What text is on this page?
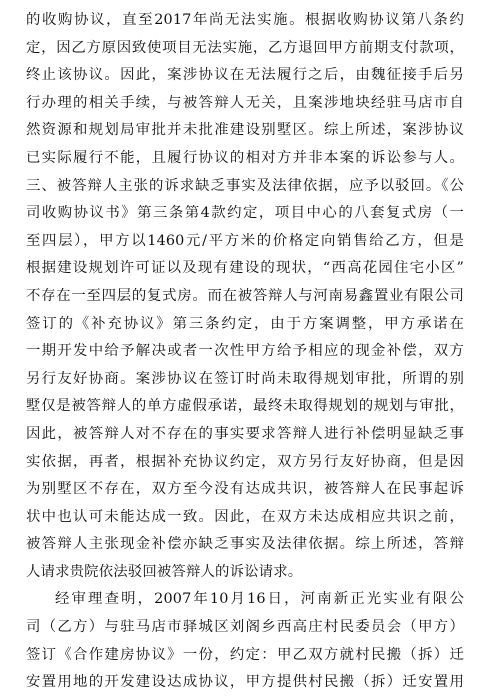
的收购协议，直至2017年尚无法实施。根据收购协议第八条约
定，因乙方原因致使项目无法实施，乙方退回甲方前期支付款项，
终止该协议。因此，案涉协议在无法履行之后，由魏征接手后另
行办理的相关手续，与被答辩人无关，且案涉地块经驻马店市自
然资源和规划局审批并未批准建设别墅区。综上所述，案涉协议
已实际履行不能，且履行协议的相对方并非本案的诉讼参与人。
三、被答辩人主张的诉求缺乏事实及法律依据，应予以驳回。《公
司收购协议书》第三条第4款约定，项目中心的八套复式房（一
至四层），甲方以1460元/平方米的价格定向销售给乙方，但是
根据建设规划许可证以及现有建设的现状，“西高花园住宅小区”
不存在一至四层的复式房。而在被答辩人与河南易鑫置业有限公司
签订的《补充协议》第三条约定，由于方案调整，甲方承诺在
一期开发中给予解决或者一次性甲方给予相应的现金补偿，双方
另行友好协商。案涉协议在签订时尚未取得规划审批，所谓的别
墅仅是被答辩人的单方虚假承诺，最终未取得规划的规划与审批，
因此，被答辩人对不存在的事实要求答辩人进行补偿明显缺乏事
实依据，再者，根据补充协议约定，双方另行友好协商，但是因
为别墅区不存在，双方至今没有达成共识，被答辩人在民事起诉
状中也认可未能达成一致。因此，在双方未达成相应共识之前，
被答辩人主张现金补偿亦缺乏事实及法律依据。综上所述，答辩
人请求贵院依法驳回被答辩人的诉讼请求。
经审理查明，2007年10月16日，河南新正光实业有限公
司（乙方）与驻马店市驿城区刘阁乡西高庄村民委员会（甲方）
签订《合作建房协议》一份，约定：甲乙双方就村民搬（拆）迁
安置用地的开发建设达成协议，甲方提供村民搬（拆）迁安置用
